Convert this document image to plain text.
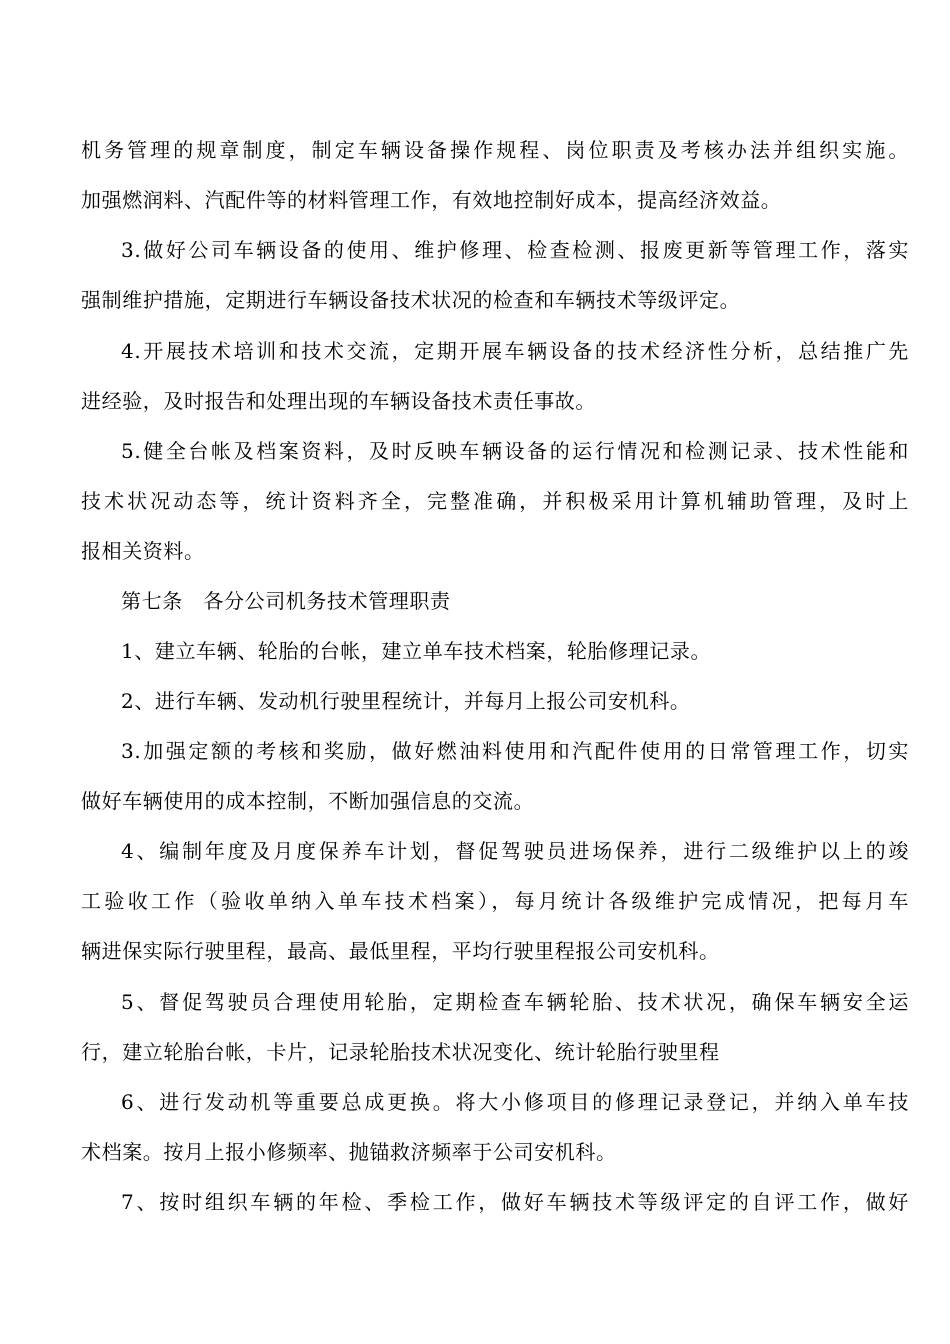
机务管理的规章制度，制定车辆设备操作规程、岗位职责及考核办法并组织实施。
加强燃润料、汽配件等的材料管理工作，有效地控制好成本，提高经济效益。
3.做好公司车辆设备的使用、维护修理、检查检测、报废更新等管理工作，落实
强制维护措施，定期进行车辆设备技术状况的检查和车辆技术等级评定。
4.开展技术培训和技术交流，定期开展车辆设备的技术经济性分析，总结推广先
进经验，及时报告和处理出现的车辆设备技术责任事故。
5.健全台帐及档案资料，及时反映车辆设备的运行情况和检测记录、技术性能和
技术状况动态等，统计资料齐全，完整准确，并积极采用计算机辅助管理，及时上
报相关资料。
第七条　各分公司机务技术管理职责
1、建立车辆、轮胎的台帐，建立单车技术档案，轮胎修理记录。
2、进行车辆、发动机行驶里程统计，并每月上报公司安机科。
3.加强定额的考核和奖励，做好燃油料使用和汽配件使用的日常管理工作，切实
做好车辆使用的成本控制，不断加强信息的交流。
4、编制年度及月度保养车计划，督促驾驶员进场保养，进行二级维护以上的竣
工验收工作（验收单纳入单车技术档案），每月统计各级维护完成情况，把每月车
辆进保实际行驶里程，最高、最低里程，平均行驶里程报公司安机科。
5、督促驾驶员合理使用轮胎，定期检查车辆轮胎、技术状况，确保车辆安全运
行，建立轮胎台帐，卡片，记录轮胎技术状况变化、统计轮胎行驶里程
6、进行发动机等重要总成更换。将大小修项目的修理记录登记，并纳入单车技
术档案。按月上报小修频率、抛锚救济频率于公司安机科。
7、按时组织车辆的年检、季检工作，做好车辆技术等级评定的自评工作，做好
